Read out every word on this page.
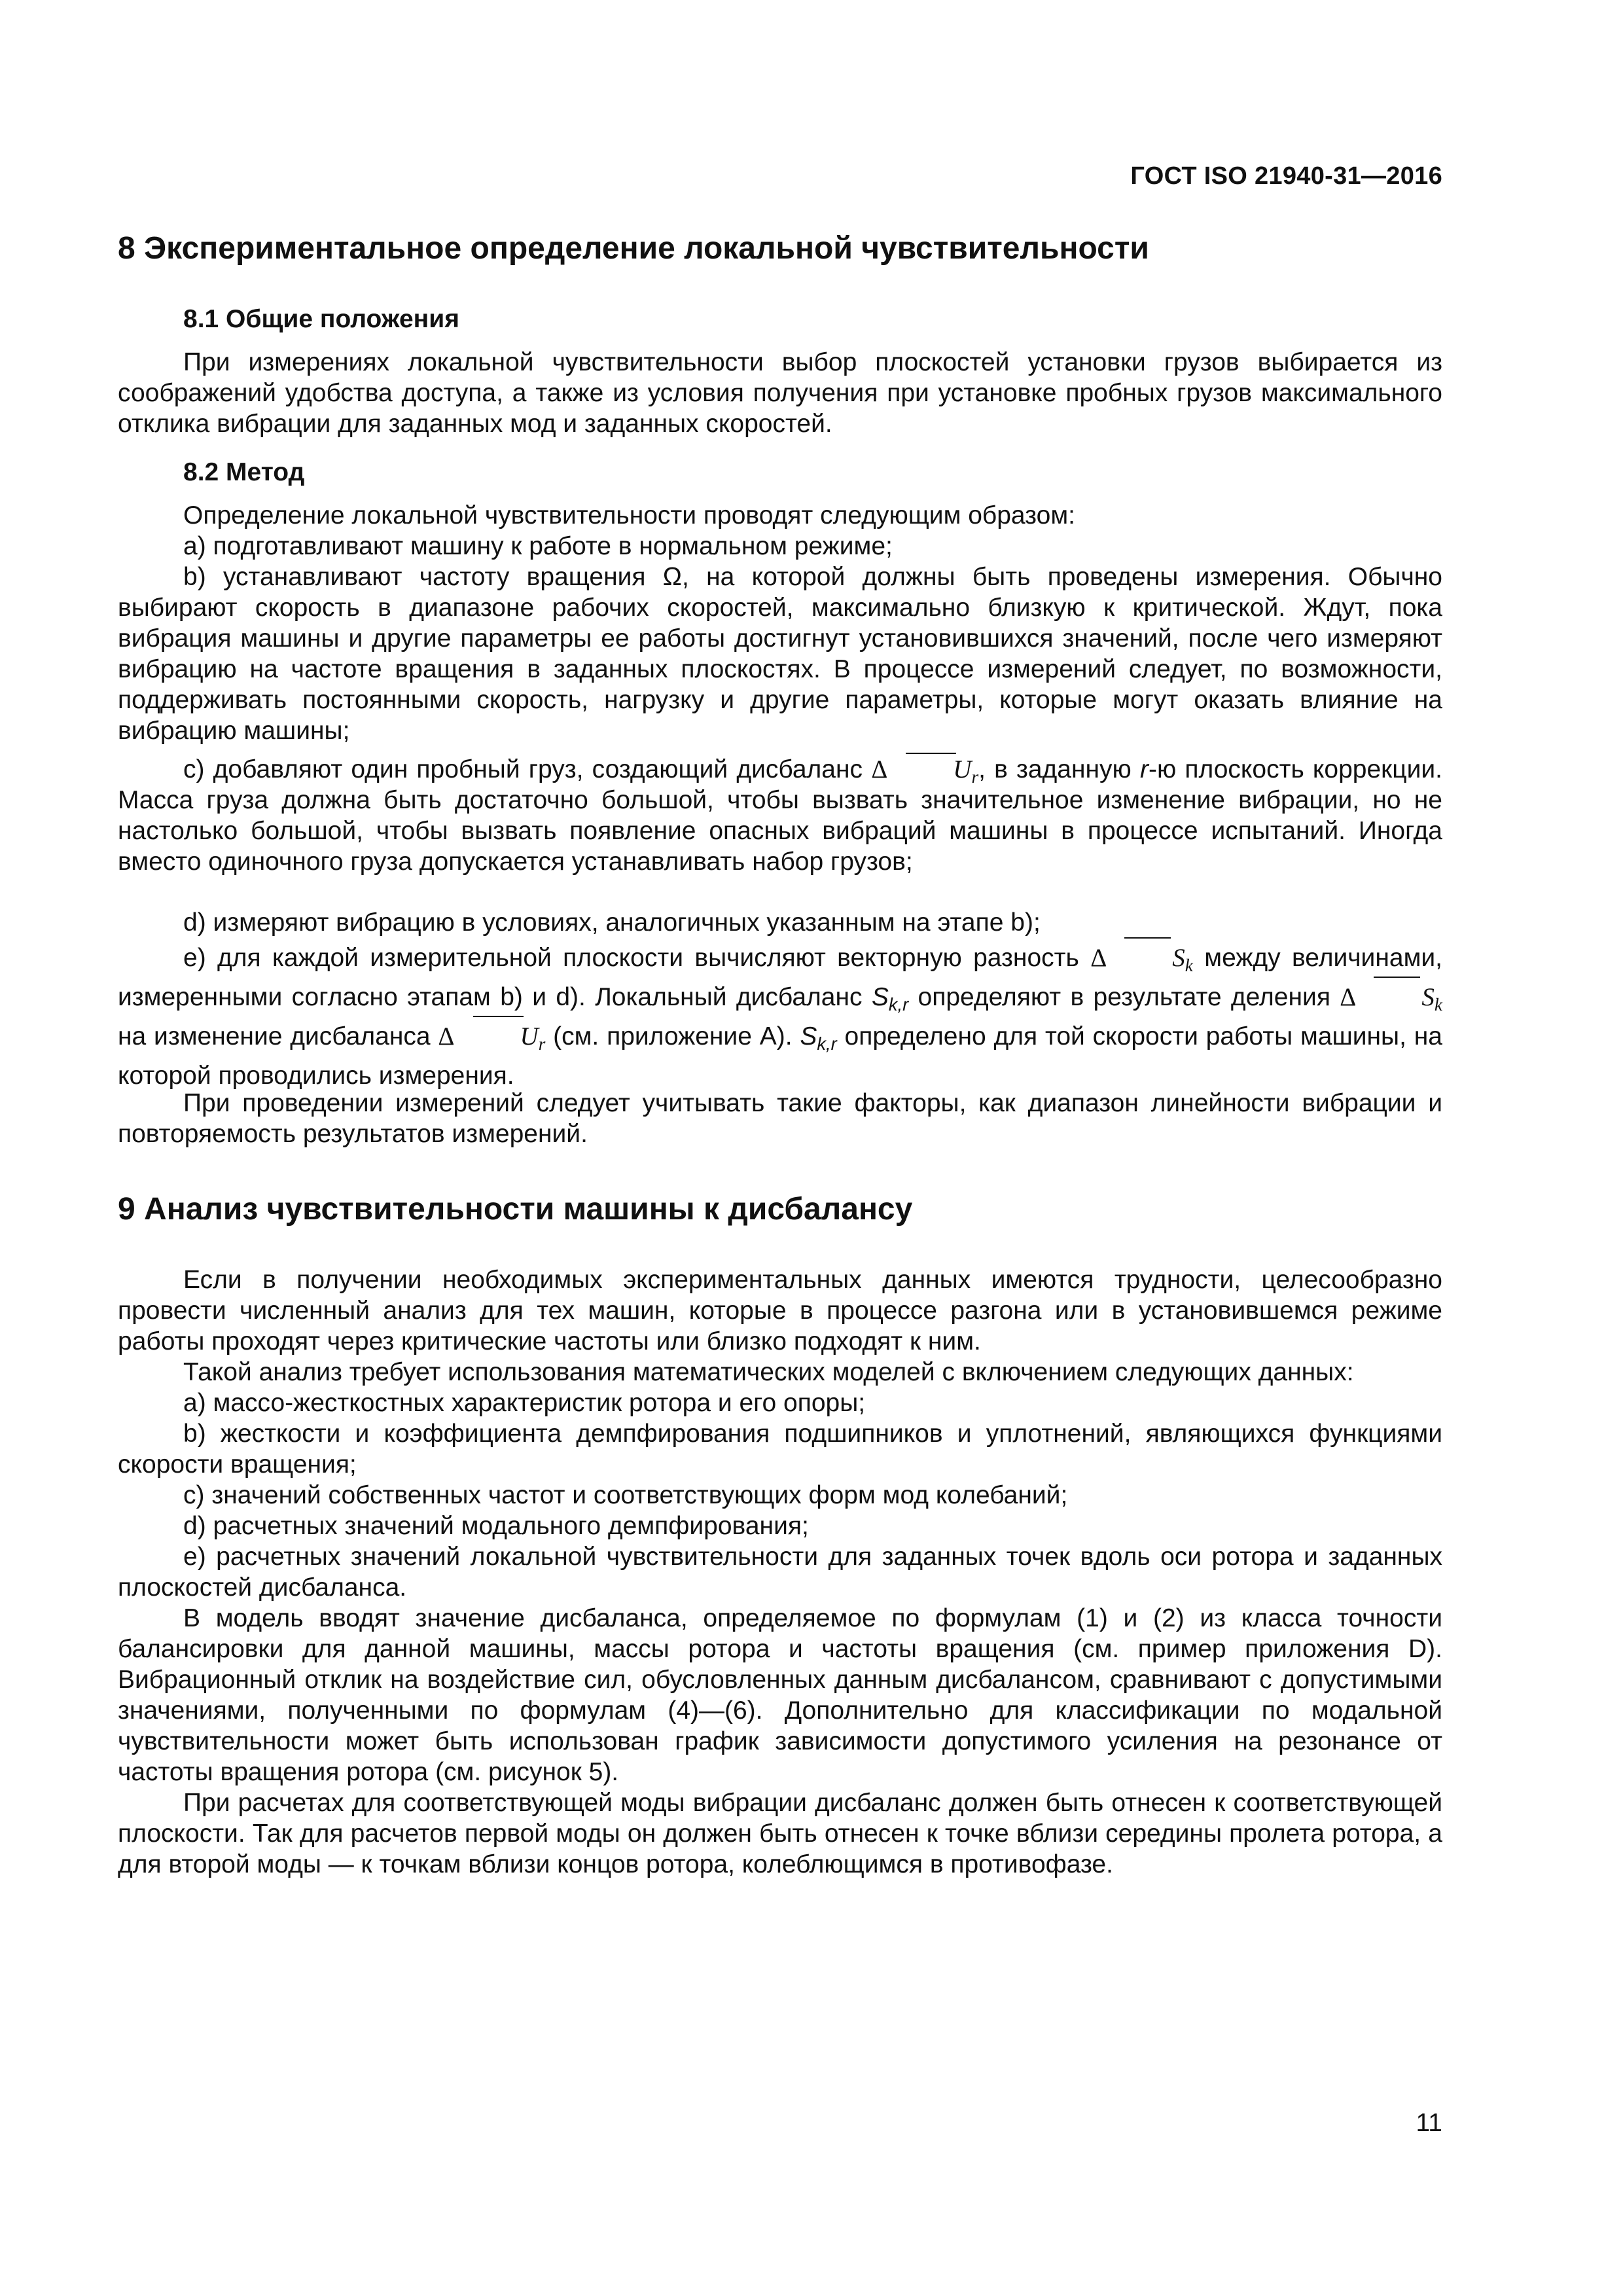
ГОСТ ISO 21940-31—2016
8 Экспериментальное определение локальной чувствительности
8.1 Общие положения
При измерениях локальной чувствительности выбор плоскостей установки грузов выбирается из соображений удобства доступа, а также из условия получения при установке пробных грузов максимального отклика вибрации для заданных мод и заданных скоростей.
8.2 Метод
Определение локальной чувствительности проводят следующим образом:
а) подготавливают машину к работе в нормальном режиме;
b) устанавливают частоту вращения Ω, на которой должны быть проведены измерения. Обычно выбирают скорость в диапазоне рабочих скоростей, максимально близкую к критической. Ждут, пока вибрация машины и другие параметры ее работы достигнут установившихся значений, после чего измеряют вибрацию на частоте вращения в заданных плоскостях. В процессе измерений следует, по возможности, поддерживать постоянными скорость, нагрузку и другие параметры, которые могут оказать влияние на вибрацию машины;
с) добавляют один пробный груз, создающий дисбаланс Δ	$U_r$, в заданную r-ю плоскость коррекции. Масса груза должна быть достаточно большой, чтобы вызвать значительное изменение вибрации, но не настолько большой, чтобы вызвать появление опасных вибраций машины в процессе испытаний. Иногда вместо одиночного груза допускается устанавливать набор грузов;
d) измеряют вибрацию в условиях, аналогичных указанным на этапе b);
е) для каждой измерительной плоскости вычисляют векторную разность Δ	$S_k$ между величинами, измеренными согласно этапам b) и d). Локальный дисбаланс $S_{k,r}$ определяют в результате деления Δ	$S_k$ на изменение дисбаланса Δ	$U_r$ (см. приложение А). $S_{k,r}$ определено для той скорости работы машины, на которой проводились измерения.
При проведении измерений следует учитывать такие факторы, как диапазон линейности вибрации и повторяемость результатов измерений.
9 Анализ чувствительности машины к дисбалансу
Если в получении необходимых экспериментальных данных имеются трудности, целесообразно провести численный анализ для тех машин, которые в процессе разгона или в установившемся режиме работы проходят через критические частоты или близко подходят к ним.
Такой анализ требует использования математических моделей с включением следующих данных:
а) массо-жесткостных характеристик ротора и его опоры;
b) жесткости и коэффициента демпфирования подшипников и уплотнений, являющихся функциями скорости вращения;
с) значений собственных частот и соответствующих форм мод колебаний;
d) расчетных значений модального демпфирования;
е) расчетных значений локальной чувствительности для заданных точек вдоль оси ротора и заданных плоскостей дисбаланса.
В модель вводят значение дисбаланса, определяемое по формулам (1) и (2) из класса точности балансировки для данной машины, массы ротора и частоты вращения (см. пример приложения D). Вибрационный отклик на воздействие сил, обусловленных данным дисбалансом, сравнивают с допустимыми значениями, полученными по формулам (4)—(6). Дополнительно для классификации по модальной чувствительности может быть использован график зависимости допустимого усиления на резонансе от частоты вращения ротора (см. рисунок 5).
При расчетах для соответствующей моды вибрации дисбаланс должен быть отнесен к соответствующей плоскости. Так для расчетов первой моды он должен быть отнесен к точке вблизи середины пролета ротора, а для второй моды — к точкам вблизи концов ротора, колеблющимся в противофазе.
11
